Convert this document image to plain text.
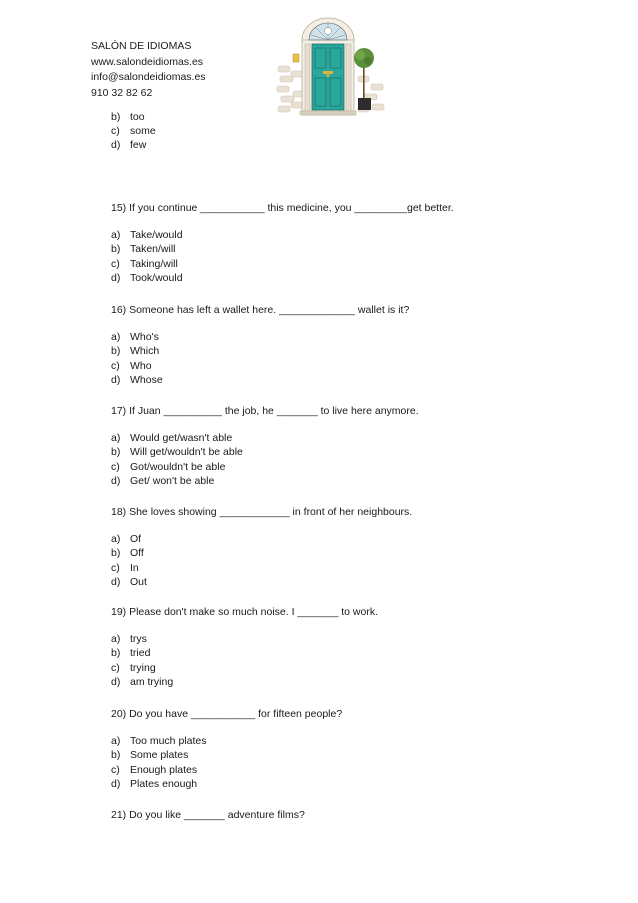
SALÓN DE IDIOMAS
www.salondeidiomas.es
info@salondeidiomas.es
910 32 82 62
b) too
c) some
d) few
15) If you continue ___________ this medicine, you _________get better.
a) Take/would
b) Taken/will
c) Taking/will
d) Took/would
16) Someone has left a wallet here. _____________ wallet is it?
a) Who's
b) Which
c) Who
d) Whose
17) If Juan __________ the job, he _______ to live here anymore.
a) Would get/wasn't able
b) Will get/wouldn't be able
c) Got/wouldn't be able
d) Get/ won't be able
18) She loves showing ____________ in front of her neighbours.
a) Of
b) Off
c) In
d) Out
19) Please don't make so much noise. I _______ to work.
a) trys
b) tried
c) trying
d) am trying
20) Do you have ___________ for fifteen people?
a) Too much plates
b) Some plates
c) Enough plates
d) Plates enough
21) Do you like _______ adventure films?
